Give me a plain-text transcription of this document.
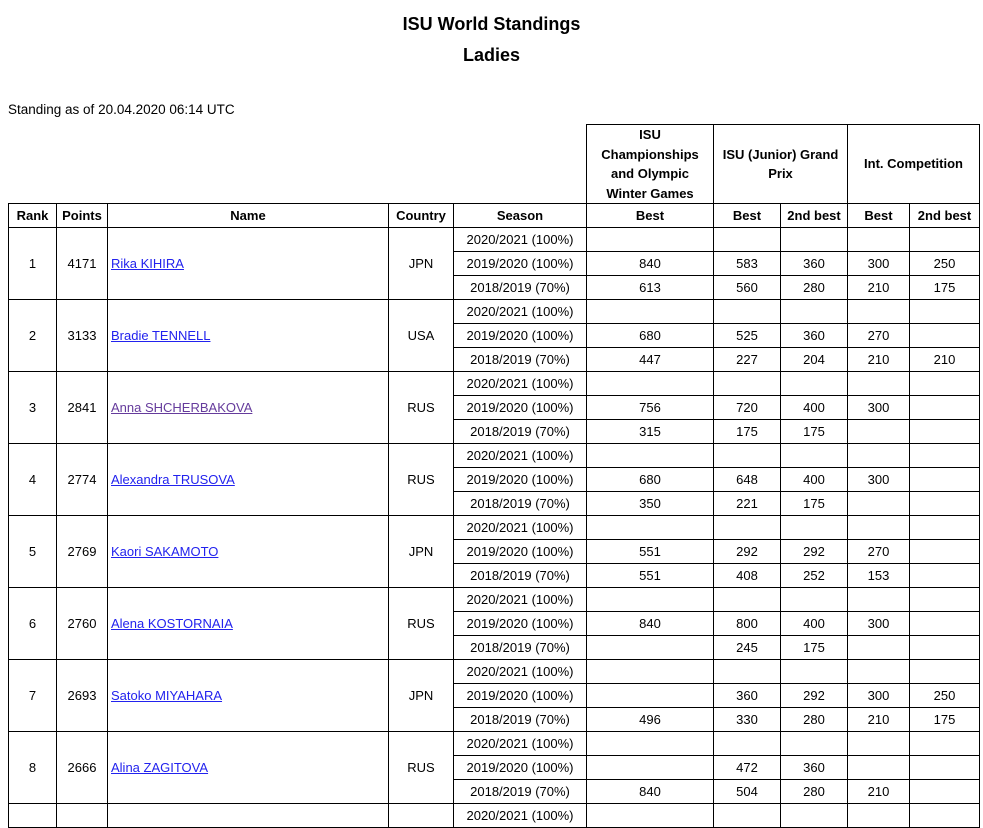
ISU World Standings
Ladies
Standing as of 20.04.2020 06:14 UTC
					ISU Championships and Olympic Winter Games	ISU (Junior) Grand Prix		Int. Competition	
Rank	Points	Name	Country	Season	Best	Best	2nd best	Best	2nd best
1	4171	Rika KIHIRA	JPN	2020/2021 (100%)					
				2019/2020 (100%)	840	583	360	300	250
				2018/2019 (70%)	613	560	280	210	175
2	3133	Bradie TENNELL	USA	2020/2021 (100%)					
				2019/2020 (100%)	680	525	360	270	
				2018/2019 (70%)	447	227	204	210	210
3	2841	Anna SHCHERBAKOVA	RUS	2020/2021 (100%)					
				2019/2020 (100%)	756	720	400	300	
				2018/2019 (70%)	315	175	175		
4	2774	Alexandra TRUSOVA	RUS	2020/2021 (100%)					
				2019/2020 (100%)	680	648	400	300	
				2018/2019 (70%)	350	221	175		
5	2769	Kaori SAKAMOTO	JPN	2020/2021 (100%)					
				2019/2020 (100%)	551	292	292	270	
				2018/2019 (70%)	551	408	252	153	
6	2760	Alena KOSTORNAIA	RUS	2020/2021 (100%)					
				2019/2020 (100%)	840	800	400	300	
				2018/2019 (70%)		245	175		
7	2693	Satoko MIYAHARA	JPN	2020/2021 (100%)					
				2019/2020 (100%)		360	292	300	250
				2018/2019 (70%)	496	330	280	210	175
8	2666	Alina ZAGITOVA	RUS	2020/2021 (100%)					
				2019/2020 (100%)		472	360		
				2018/2019 (70%)	840	504	280	210	
				2020/2021 (100%)					
